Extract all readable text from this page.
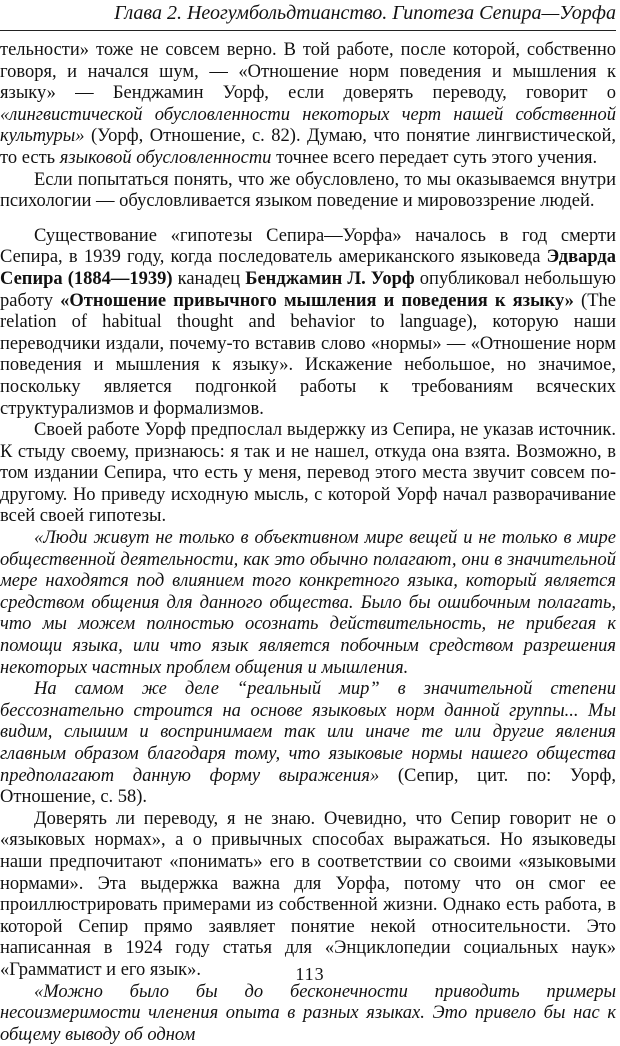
Глава 2. Неогумбольдтианство. Гипотеза Сепира—Уорфа

тельности» тоже не совсем верно. В той работе, после которой, собственно говоря, и начался шум, — «Отношение норм поведения и мышления к языку» — Бенджамин Уорф, если доверять переводу, говорит о «лингвистической обусловленности некоторых черт нашей собственной культуры» (Уорф, Отношение, с. 82). Думаю, что понятие лингвистической, то есть языковой обусловленности точнее всего передает суть этого учения.

Если попытаться понять, что же обусловлено, то мы оказываемся внутри психологии — обусловливается языком поведение и мировоззрение людей.

Существование «гипотезы Сепира—Уорфа» началось в год смерти Сепира, в 1939 году, когда последователь американского языковеда Эдварда Сепира (1884—1939) канадец Бенджамин Л. Уорф опубликовал небольшую работу «Отношение привычного мышления и поведения к языку» (The relation of habitual thought and behavior to language), которую наши переводчики издали, почему-то вставив слово «нормы» — «Отношение норм поведения и мышления к языку». Искажение небольшое, но значимое, поскольку является подгонкой работы к требованиям всяческих структурализмов и формализмов.

Своей работе Уорф предпослал выдержку из Сепира, не указав источник. К стыду своему, признаюсь: я так и не нашел, откуда она взята. Возможно, в том издании Сепира, что есть у меня, перевод этого места звучит совсем по-другому. Но приведу исходную мысль, с которой Уорф начал разворачивание всей своей гипотезы.

«Люди живут не только в объективном мире вещей и не только в мире общественной деятельности, как это обычно полагают, они в значительной мере находятся под влиянием того конкретного языка, который является средством общения для данного общества. Было бы ошибочным полагать, что мы можем полностью осознать действительность, не прибегая к помощи языка, или что язык является побочным средством разрешения некоторых частных проблем общения и мышления.

На самом же деле “реальный мир” в значительной степени бессознательно строится на основе языковых норм данной группы... Мы видим, слышим и воспринимаем так или иначе те или другие явления главным образом благодаря тому, что языковые нормы нашего общества предполагают данную форму выражения» (Сепир, цит. по: Уорф, Отношение, с. 58).

Доверять ли переводу, я не знаю. Очевидно, что Сепир говорит не о «языковых нормах», а о привычных способах выражаться. Но языковеды наши предпочитают «понимать» его в соответствии со своими «языковыми нормами». Эта выдержка важна для Уорфа, потому что он смог ее проиллюстрировать примерами из собственной жизни. Однако есть работа, в которой Сепир прямо заявляет понятие некой относительности. Это написанная в 1924 году статья для «Энциклопедии социальных наук» «Грамматист и его язык».

«Можно было бы до бесконечности приводить примеры несоизмеримости членения опыта в разных языках. Это привело бы нас к общему выводу об одном

113
